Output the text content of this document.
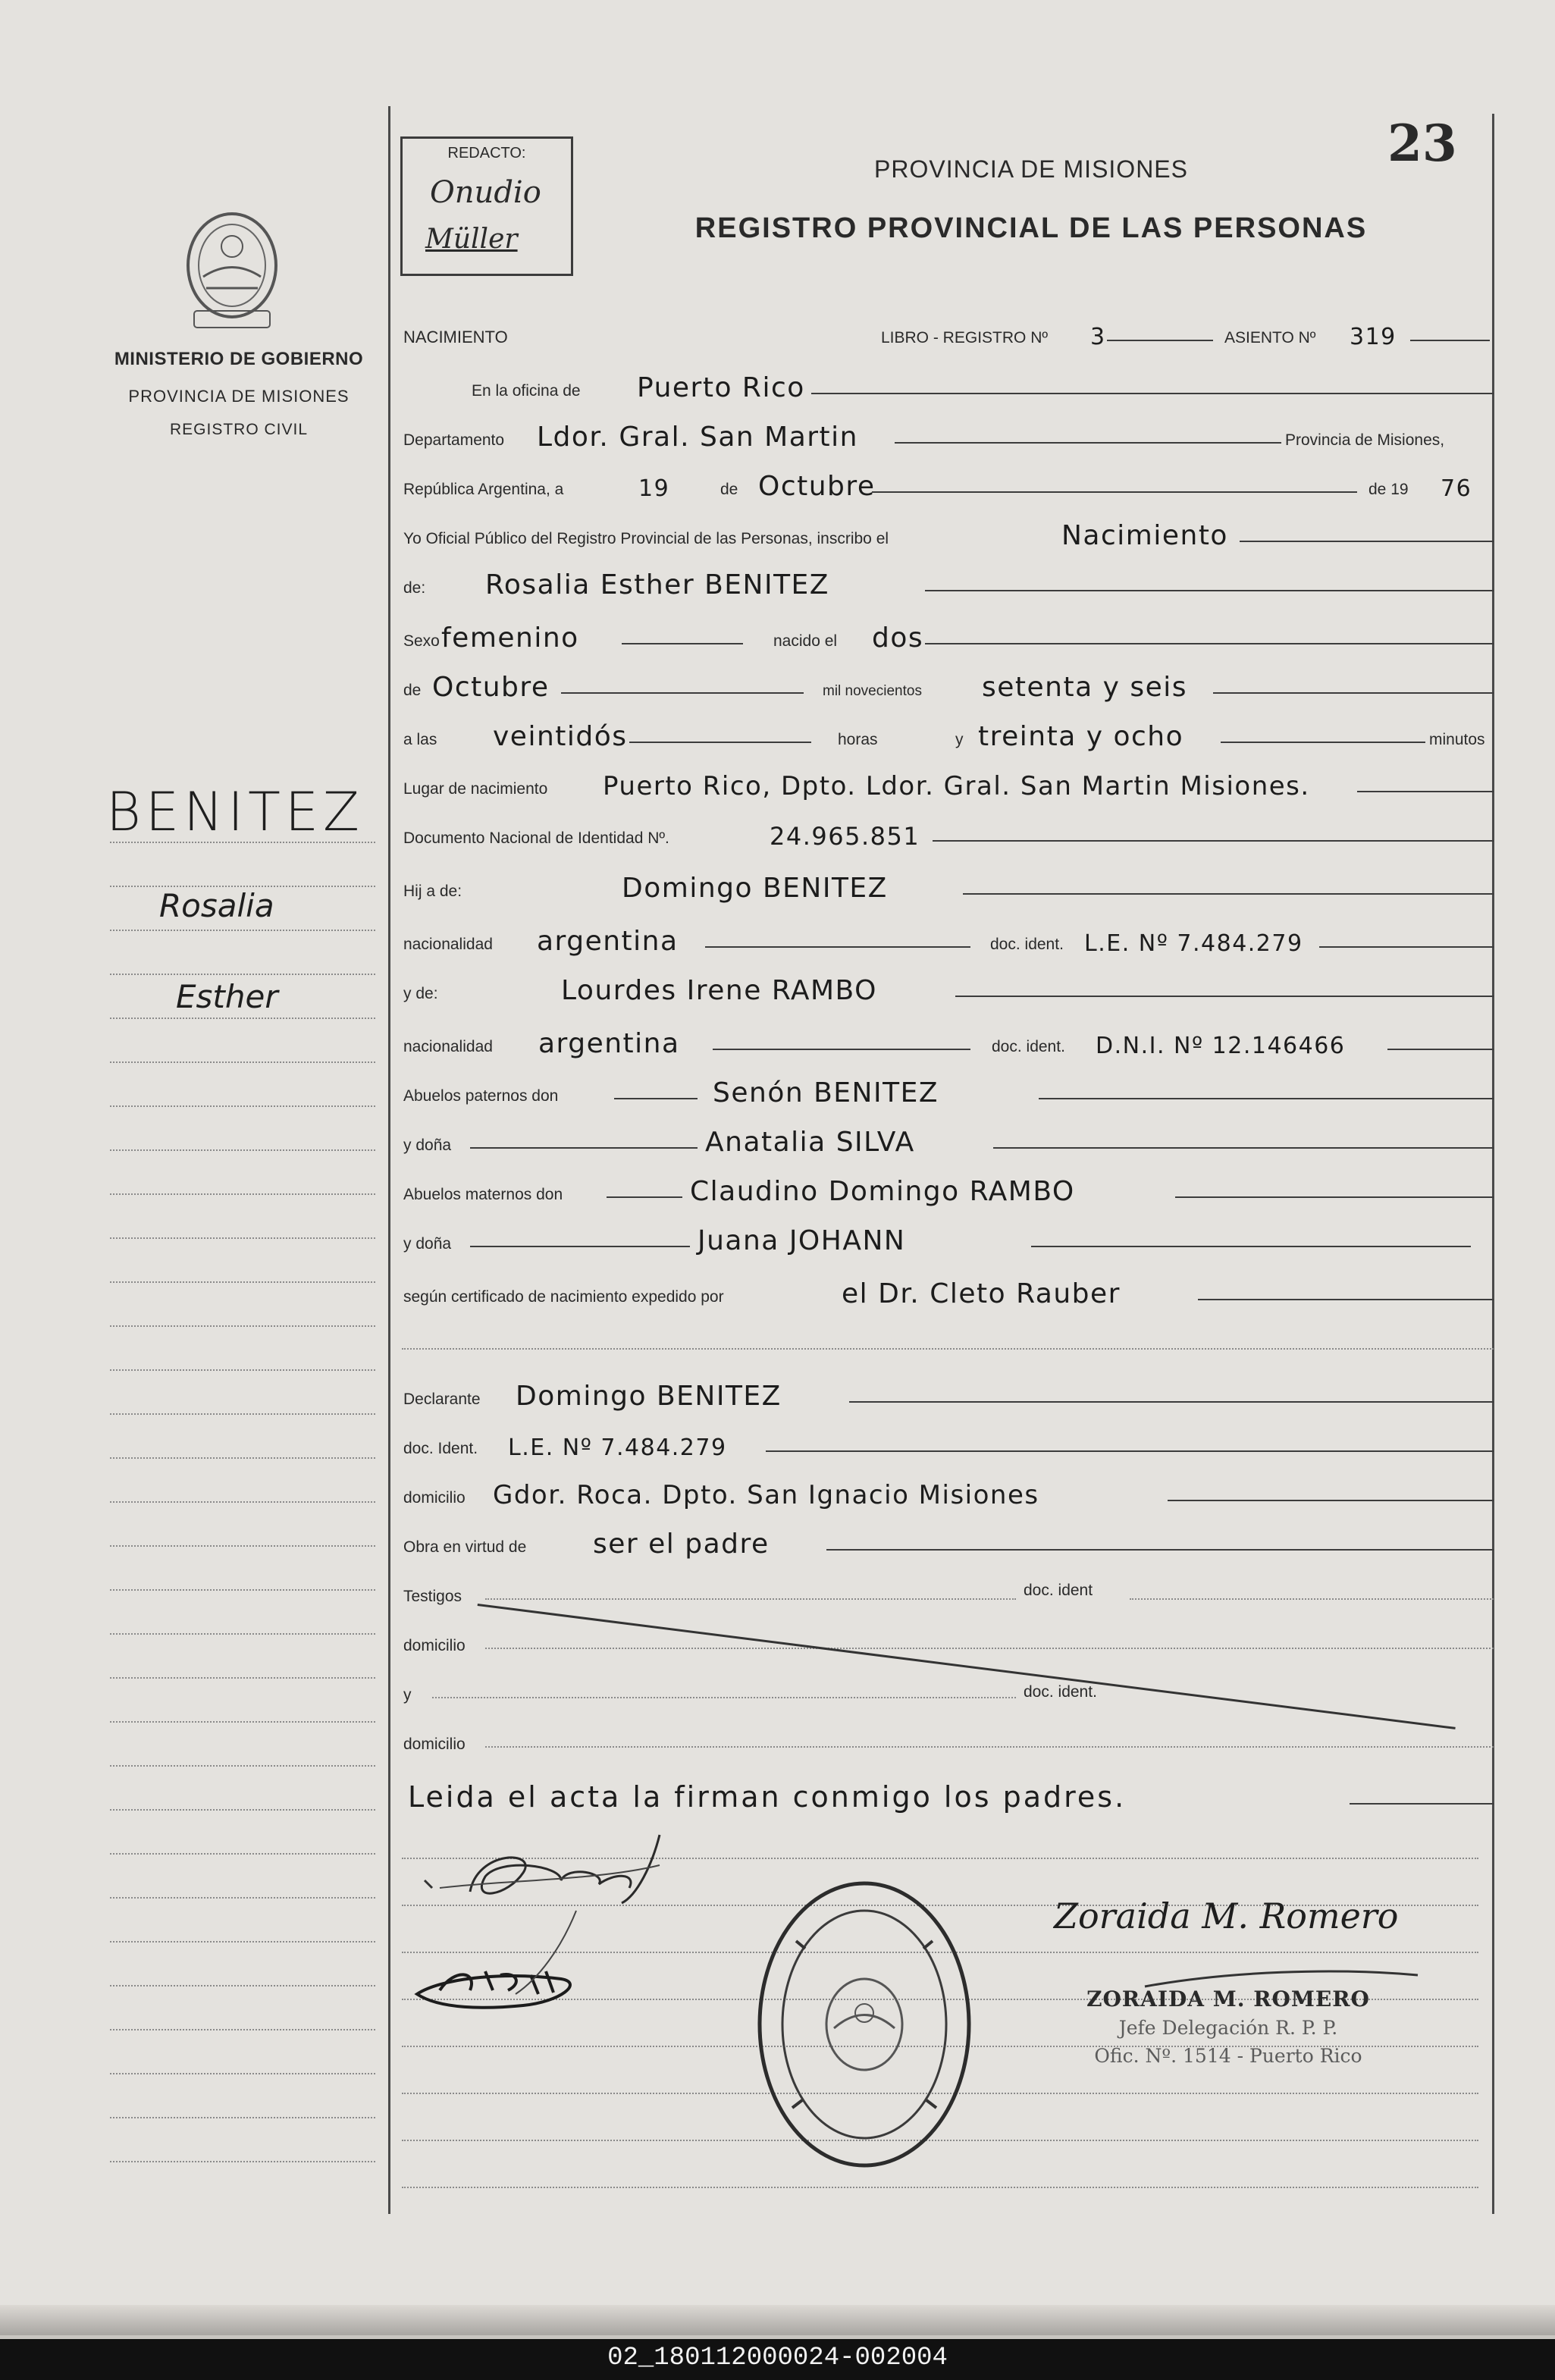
02_180112000024-002004
MINISTERIO DE GOBIERNO
PROVINCIA DE MISIONES
REGISTRO CIVIL
BENITEZ
Rosalia
Esther
REDACTO:
Onudio
Müller
23
PROVINCIA DE MISIONES
REGISTRO PROVINCIAL DE LAS PERSONAS
NACIMIENTO	LIBRO - REGISTRO Nº 3	ASIENTO Nº 319
En la oficina de Puerto Rico
Departamento Ldor. Gral. San Martin	Provincia de Misiones,
República Argentina, a	19	de Octubre	de 19 76
Yo Oficial Público del Registro Provincial de las Personas, inscribo el	Nacimiento
de: Rosalia Esther BENITEZ
Sexo femenino	nacido el dos
de Octubre	mil novecientos setenta y seis
a las veintidós	horas	y treinta y ocho	minutos
Lugar de nacimiento Puerto Rico, Dpto. Ldor. Gral. San Martin Misiones.
Documento Nacional de Identidad Nº.	24.965.851
Hij a de:	Domingo BENITEZ
nacionalidad argentina	doc. ident. L.E. Nº 7.484.279
y de:	Lourdes Irene RAMBO
nacionalidad argentina	doc. ident. D.N.I. Nº 12.146466
Abuelos paternos don	Senón BENITEZ
y doña	Anatalia SILVA
Abuelos maternos don	Claudino Domingo RAMBO
y doña	Juana JOHANN
según certificado de nacimiento expedido por	el Dr. Cleto Rauber
Declarante Domingo BENITEZ
doc. Ident. L.E. Nº 7.484.279
domicilio Gdor. Roca. Dpto. San Ignacio Misiones
Obra en virtud de ser el padre
Testigos	doc. ident
domicilio
y	doc. ident.
domicilio
Leida el acta la firman conmigo los padres.
Zoraida M. Romero
ZORAIDA M. ROMERO
Jefe Delegación R. P. P.
Ofic. Nº. 1514 - Puerto Rico
